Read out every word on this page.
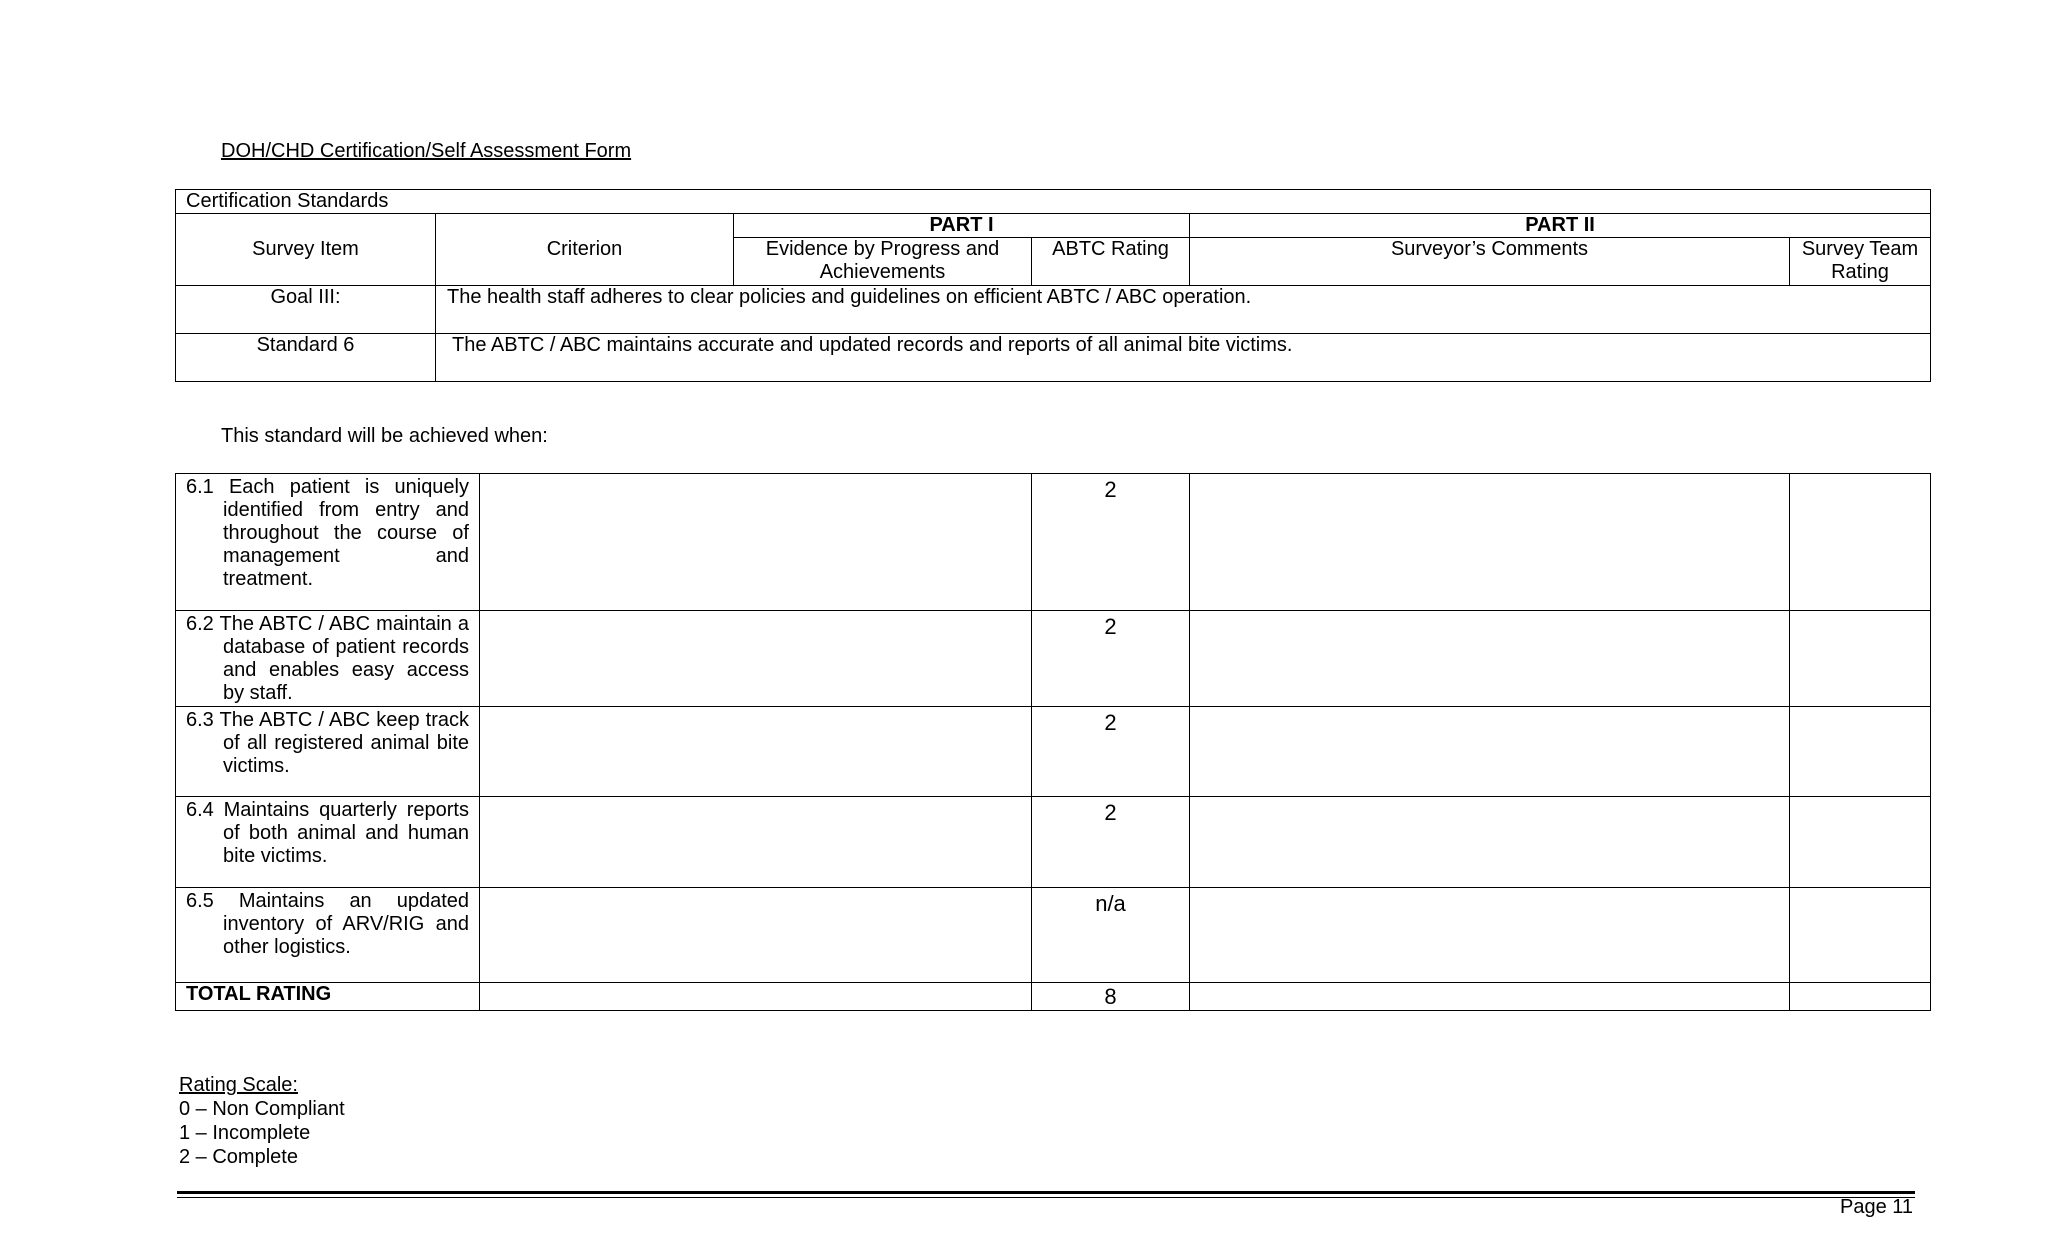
DOH/CHD Certification/Self Assessment Form
Certification Standards					
Survey Item	Criterion	PART I		PART II	
		Evidence by Progress and Achievements	ABTC Rating	Surveyor’s Comments	Survey Team Rating
Goal III:	The health staff adheres to clear policies and guidelines on efficient ABTC / ABC operation.				
Standard 6	The ABTC / ABC maintains accurate and updated records and reports of all animal bite victims.				
This standard will be achieved when:
6.1 Each patient is uniquely identified from entry and throughout the course of management and treatment.		2		
6.2 The ABTC / ABC maintain a database of patient records and enables easy access by staff.		2		
6.3 The ABTC / ABC keep track of all registered animal bite victims.		2		
6.4 Maintains quarterly reports of both animal and human bite victims.		2		
6.5 Maintains an updated inventory of ARV/RIG and other logistics.		n/a		
TOTAL RATING		8		
Rating Scale:
0 – Non Compliant
1 – Incomplete
2 – Complete
Page 11
